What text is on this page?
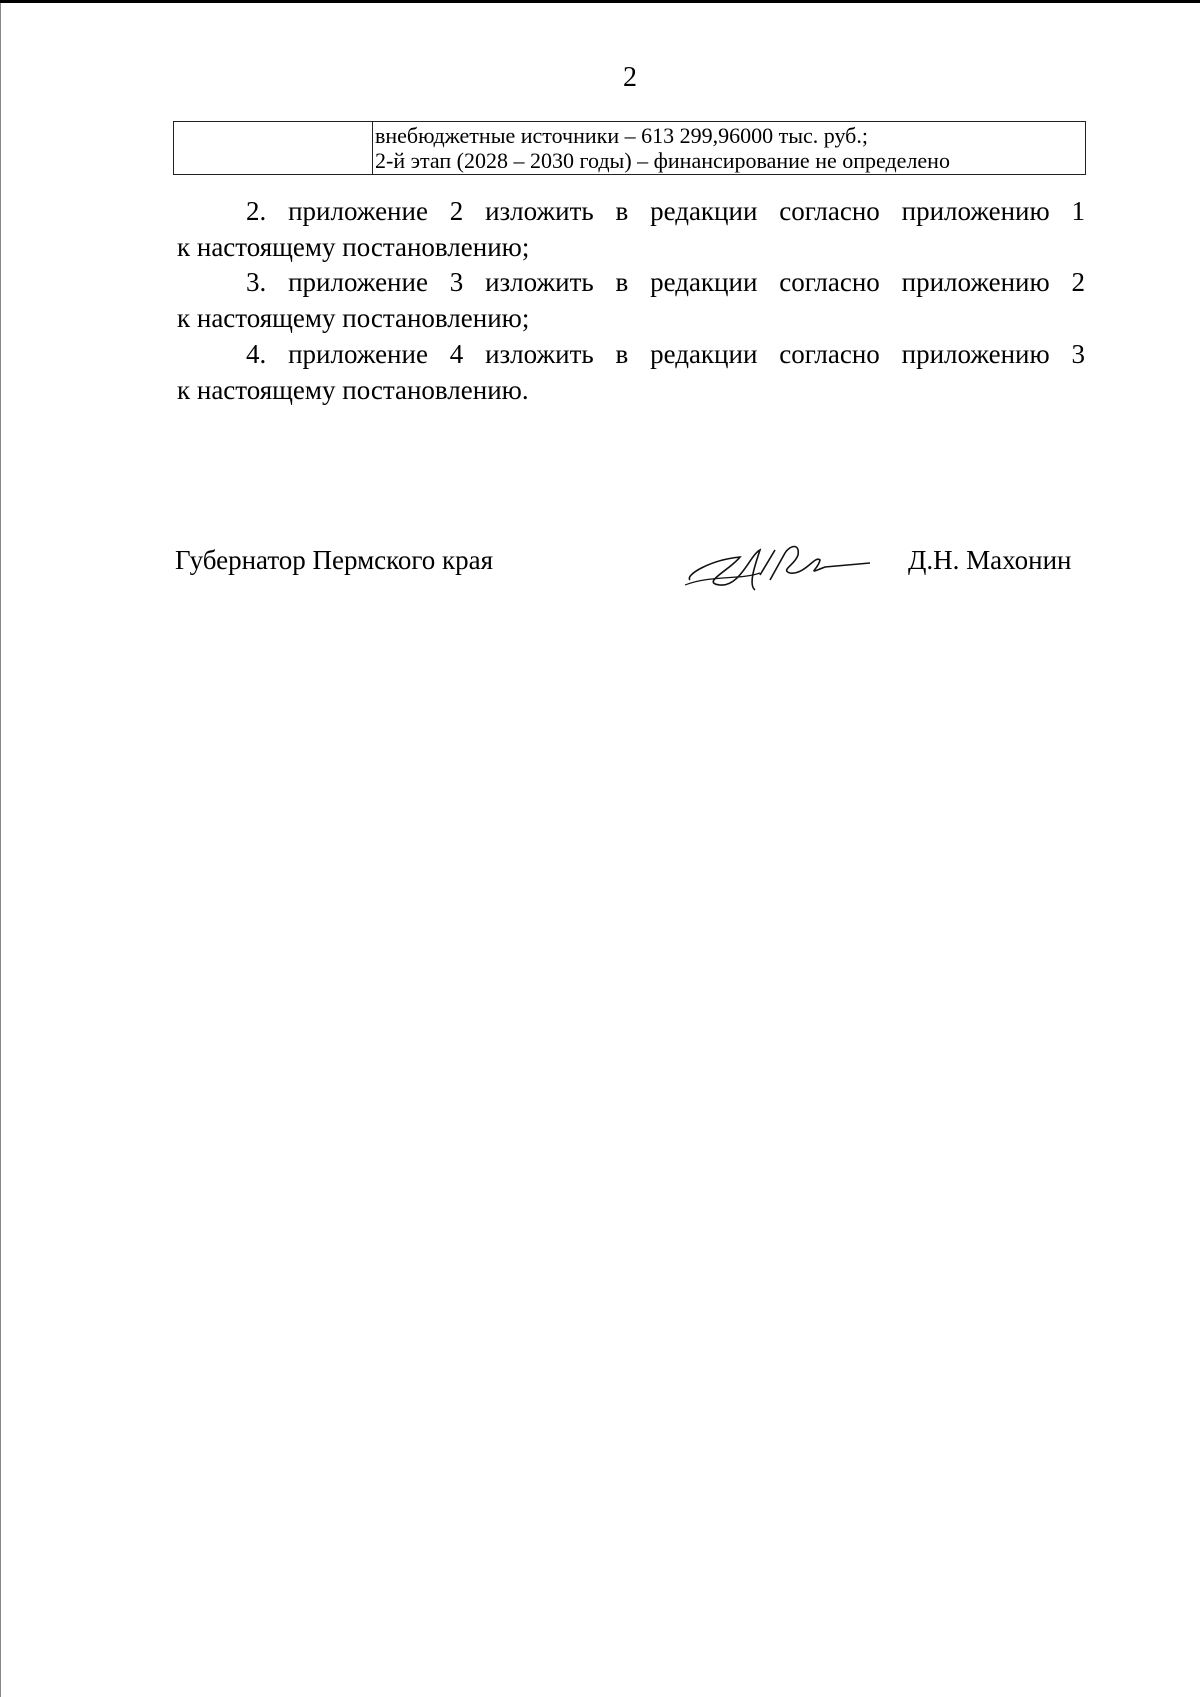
2

внебюджетные источники – 613 299,96000 тыс. руб.;
2-й этап (2028 – 2030 годы) – финансирование не определено
2. приложение 2 изложить в редакции согласно приложению 1
к настоящему постановлению;
3. приложение 3 изложить в редакции согласно приложению 2
к настоящему постановлению;
4. приложение 4 изложить в редакции согласно приложению 3
к настоящему постановлению.
Губернатор Пермского края	Д.Н. Махонин
